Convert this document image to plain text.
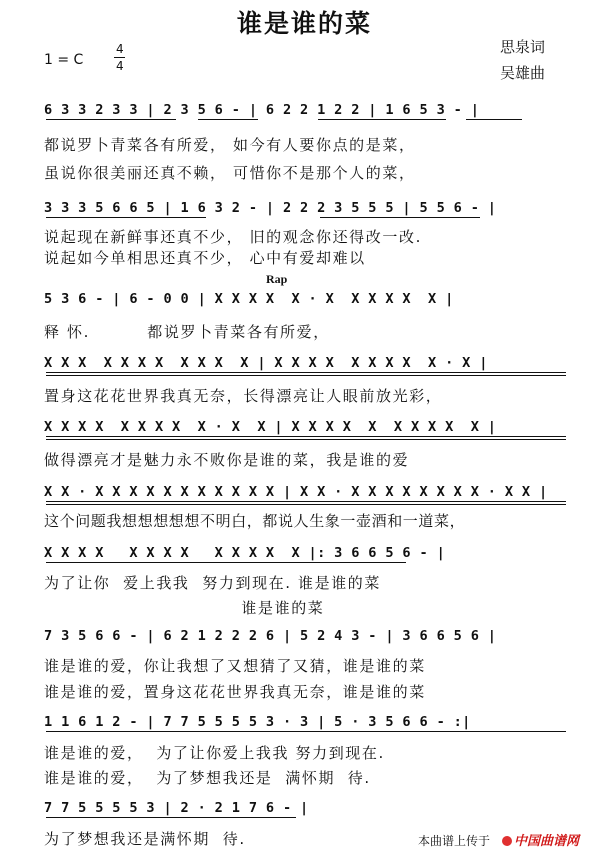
谁是谁的菜
1 = C
4
4
思泉词
吴雄曲
6 3 3 2 3 3 | 2 3 5 6 - | 6 2 2 1 2 2 | 1 6 5 3 - |
都说罗卜青菜各有所爱， 如今有人要你点的是菜，
虽说你很美丽还真不赖， 可惜你不是那个人的菜，
3 3 3 5 6 6 5 | 1 6 3 2 - | 2 2 2 3 5 5 5 | 5 5 6 - |
说起现在新鲜事还真不少， 旧的观念你还得改一改.
说起如今单相思还真不少， 心中有爱却难以
Rap
5 3 6 - | 6 - 0 0 | X X X X  X · X  X X X X  X |
释 怀.         都说罗卜青菜各有所爱，
X X X  X X X X  X X X  X | X X X X  X X X X  X · X |
置身这花花世界我真无奈，长得漂亮让人眼前放光彩，
X X X X  X X X X  X · X  X | X X X X  X  X X X X  X |
做得漂亮才是魅力永不败你是谁的菜，我是谁的爱
X X · X X X X X X X X X X X | X X · X X X X X X X X · X X |
这个问题我想想想想想不明白，都说人生象一壶酒和一道菜，
X X X X   X X X X   X X X X  X |: 3 6 6 5 6 - |
为了让你  爱上我我  努力到现在. 谁是谁的菜
谁是谁的菜
7 3 5 6 6 - | 6 2 1 2 2 2 6 | 5 2 4 3 - | 3 6 6 5 6 |
谁是谁的爱，你让我想了又想猜了又猜，谁是谁的菜
谁是谁的爱，置身这花花世界我真无奈，谁是谁的菜
1 1 6 1 2 - | 7 7 5 5 5 5 3 · 3 | 5 · 3 5 6 6 - :|
谁是谁的爱，  为了让你爱上我我 努力到现在.
谁是谁的爱，  为了梦想我还是  满怀期  待.
7 7 5 5 5 5 3 | 2 · 2 1 7 6 - |
为了梦想我还是满怀期  待.	本曲谱上传于	中国曲谱网
